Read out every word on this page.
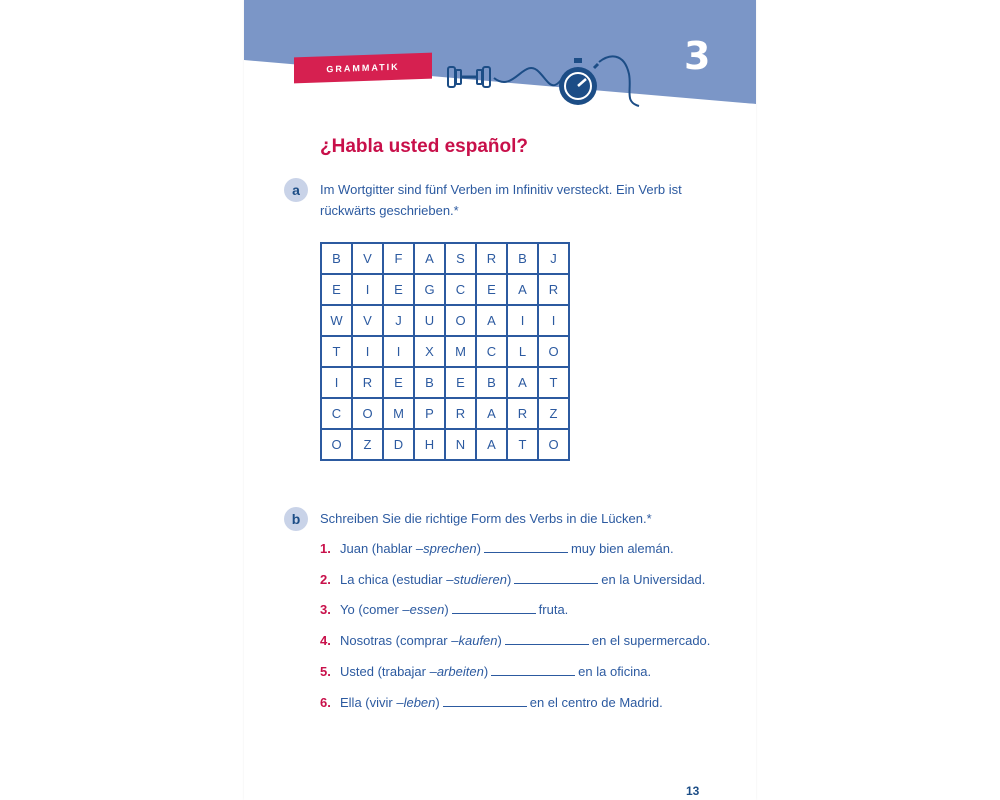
GRAMMATIK	3
¿Habla usted español?
a	Im Wortgitter sind fünf Verben im Infinitiv versteckt. Ein Verb ist
rückwärts geschrieben.*
B	V	F	A	S	R	B	J
E	I	E	G	C	E	A	R
W	V	J	U	O	A	I	I
T	I	I	X	M	C	L	O
I	R	E	B	E	B	A	T
C	O	M	P	R	A	R	Z
O	Z	D	H	N	A	T	O
b	Schreiben Sie die richtige Form des Verbs in die Lücken.*
1. Juan (hablar – sprechen )	muy bien alemán.
2. La chica (estudiar – studieren )	en la Universidad.
3. Yo (comer – essen )	fruta.
4. Nosotras (comprar – kaufen )	en el supermercado.
5. Usted (trabajar – arbeiten )	en la oficina.
6. Ella (vivir – leben )	en el centro de Madrid.
13
